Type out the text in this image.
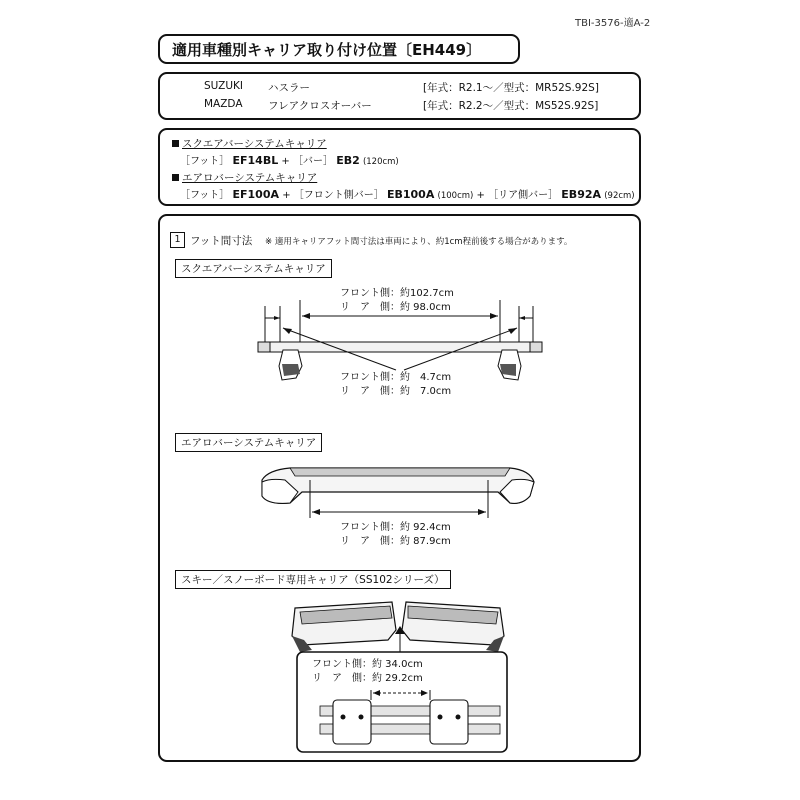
TBI-3576-適A-2
適用車種別キャリア取り付け位置〔EH449〕
SUZUKI ハスラー	[年式：R2.1〜／型式：MR52S.92S]
MAZDA フレアクロスオーバー	[年式：R2.2〜／型式：MS52S.92S]
スクエアバーシステムキャリア
［フット］ EF14BL + ［バー］ EB2 (120cm)
エアロバーシステムキャリア
［フット］ EF100A + ［フロント側バー］ EB100A (100cm) + ［リア側バー］ EB92A (92cm)
1 フット間寸法 ※ 適用キャリアフット間寸法は車両により、約1cm程前後する場合があります。
スクエアバーシステムキャリア
フロント側：約102.7cm
リ　ア　側：約 98.0cm
フロント側：約　4.7cm
リ　ア　側：約　7.0cm
エアロバーシステムキャリア
フロント側：約 92.4cm
リ　ア　側：約 87.9cm
スキー／スノーボード専用キャリア（SS102シリーズ）
フロント側：約 34.0cm
リ　ア　側：約 29.2cm
